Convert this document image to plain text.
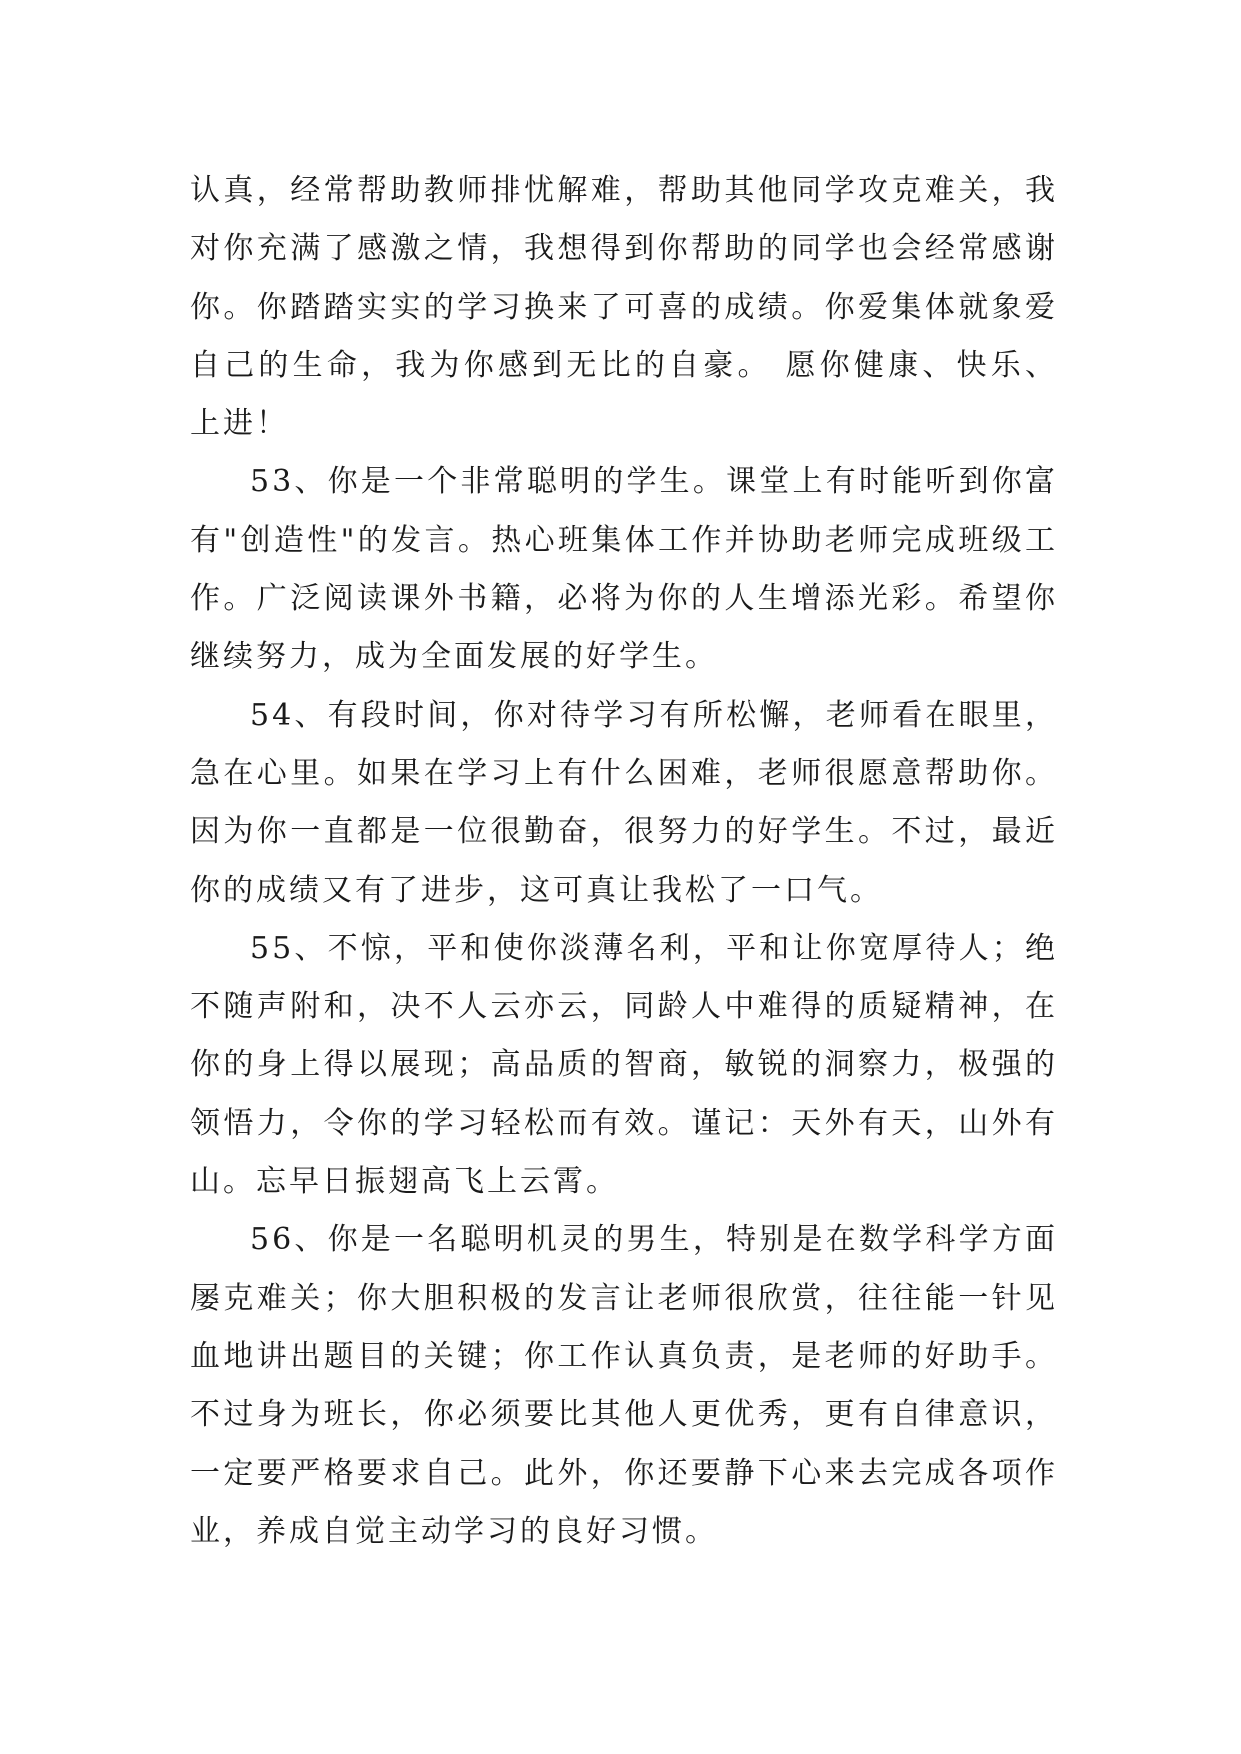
认真，经常帮助教师排忧解难，帮助其他同学攻克难关，我对你充满了感激之情，我想得到你帮助的同学也会经常感谢你。你踏踏实实的学习换来了可喜的成绩。你爱集体就象爱自己的生命，我为你感到无比的自豪。 愿你健康、快乐、上进！

53、你是一个非常聪明的学生。课堂上有时能听到你富有"创造性"的发言。热心班集体工作并协助老师完成班级工作。广泛阅读课外书籍，必将为你的人生增添光彩。希望你继续努力，成为全面发展的好学生。

54、有段时间，你对待学习有所松懈，老师看在眼里，急在心里。如果在学习上有什么困难，老师很愿意帮助你。因为你一直都是一位很勤奋，很努力的好学生。不过，最近你的成绩又有了进步，这可真让我松了一口气。

55、不惊，平和使你淡薄名利，平和让你宽厚待人；绝不随声附和，决不人云亦云，同龄人中难得的质疑精神，在你的身上得以展现；高品质的智商，敏锐的洞察力，极强的领悟力，令你的学习轻松而有效。谨记：天外有天，山外有山。忘早日振翅高飞上云霄。

56、你是一名聪明机灵的男生，特别是在数学科学方面屡克难关；你大胆积极的发言让老师很欣赏，往往能一针见血地讲出题目的关键；你工作认真负责，是老师的好助手。不过身为班长，你必须要比其他人更优秀，更有自律意识，一定要严格要求自己。此外，你还要静下心来去完成各项作业，养成自觉主动学习的良好习惯。
